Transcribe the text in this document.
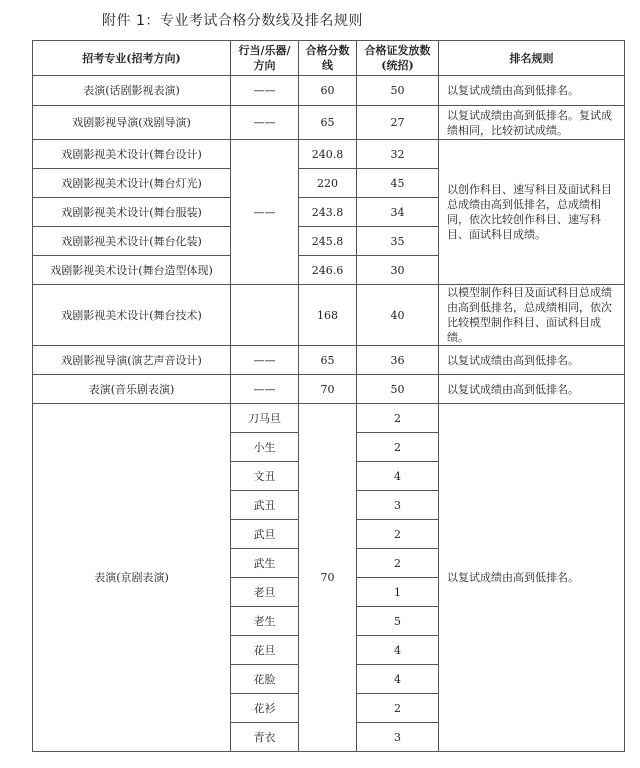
附件 1：专业考试合格分数线及排名规则
招考专业(招考方向)	行当/乐器/方向	合格分数线	合格证发放数(统招)	排名规则
表演(话剧影视表演)	——	60	50	以复试成绩由高到低排名。
戏剧影视导演(戏剧导演)	——	65	27	以复试成绩由高到低排名。复试成绩相同，比较初试成绩。
戏剧影视美术设计(舞台设计)	——	240.8	32	以创作科目、速写科目及面试科目总成绩由高到低排名，总成绩相同，依次比较创作科目、速写科目、面试科目成绩。
戏剧影视美术设计(舞台灯光)		220	45	
戏剧影视美术设计(舞台服装)		243.8	34	
戏剧影视美术设计(舞台化装)		245.8	35	
戏剧影视美术设计(舞台造型体现)		246.6	30	
戏剧影视美术设计(舞台技术)		168	40	以模型制作科目及面试科目总成绩由高到低排名，总成绩相同，依次比较模型制作科目、面试科目成绩。
戏剧影视导演(演艺声音设计)	——	65	36	以复试成绩由高到低排名。
表演(音乐剧表演)	——	70	50	以复试成绩由高到低排名。
表演(京剧表演)	刀马旦	70	2	以复试成绩由高到低排名。
	小生		2	
	文丑		4	
	武丑		3	
	武旦		2	
	武生		2	
	老旦		1	
	老生		5	
	花旦		4	
	花脸		4	
	花衫		2	
	青衣		3	
